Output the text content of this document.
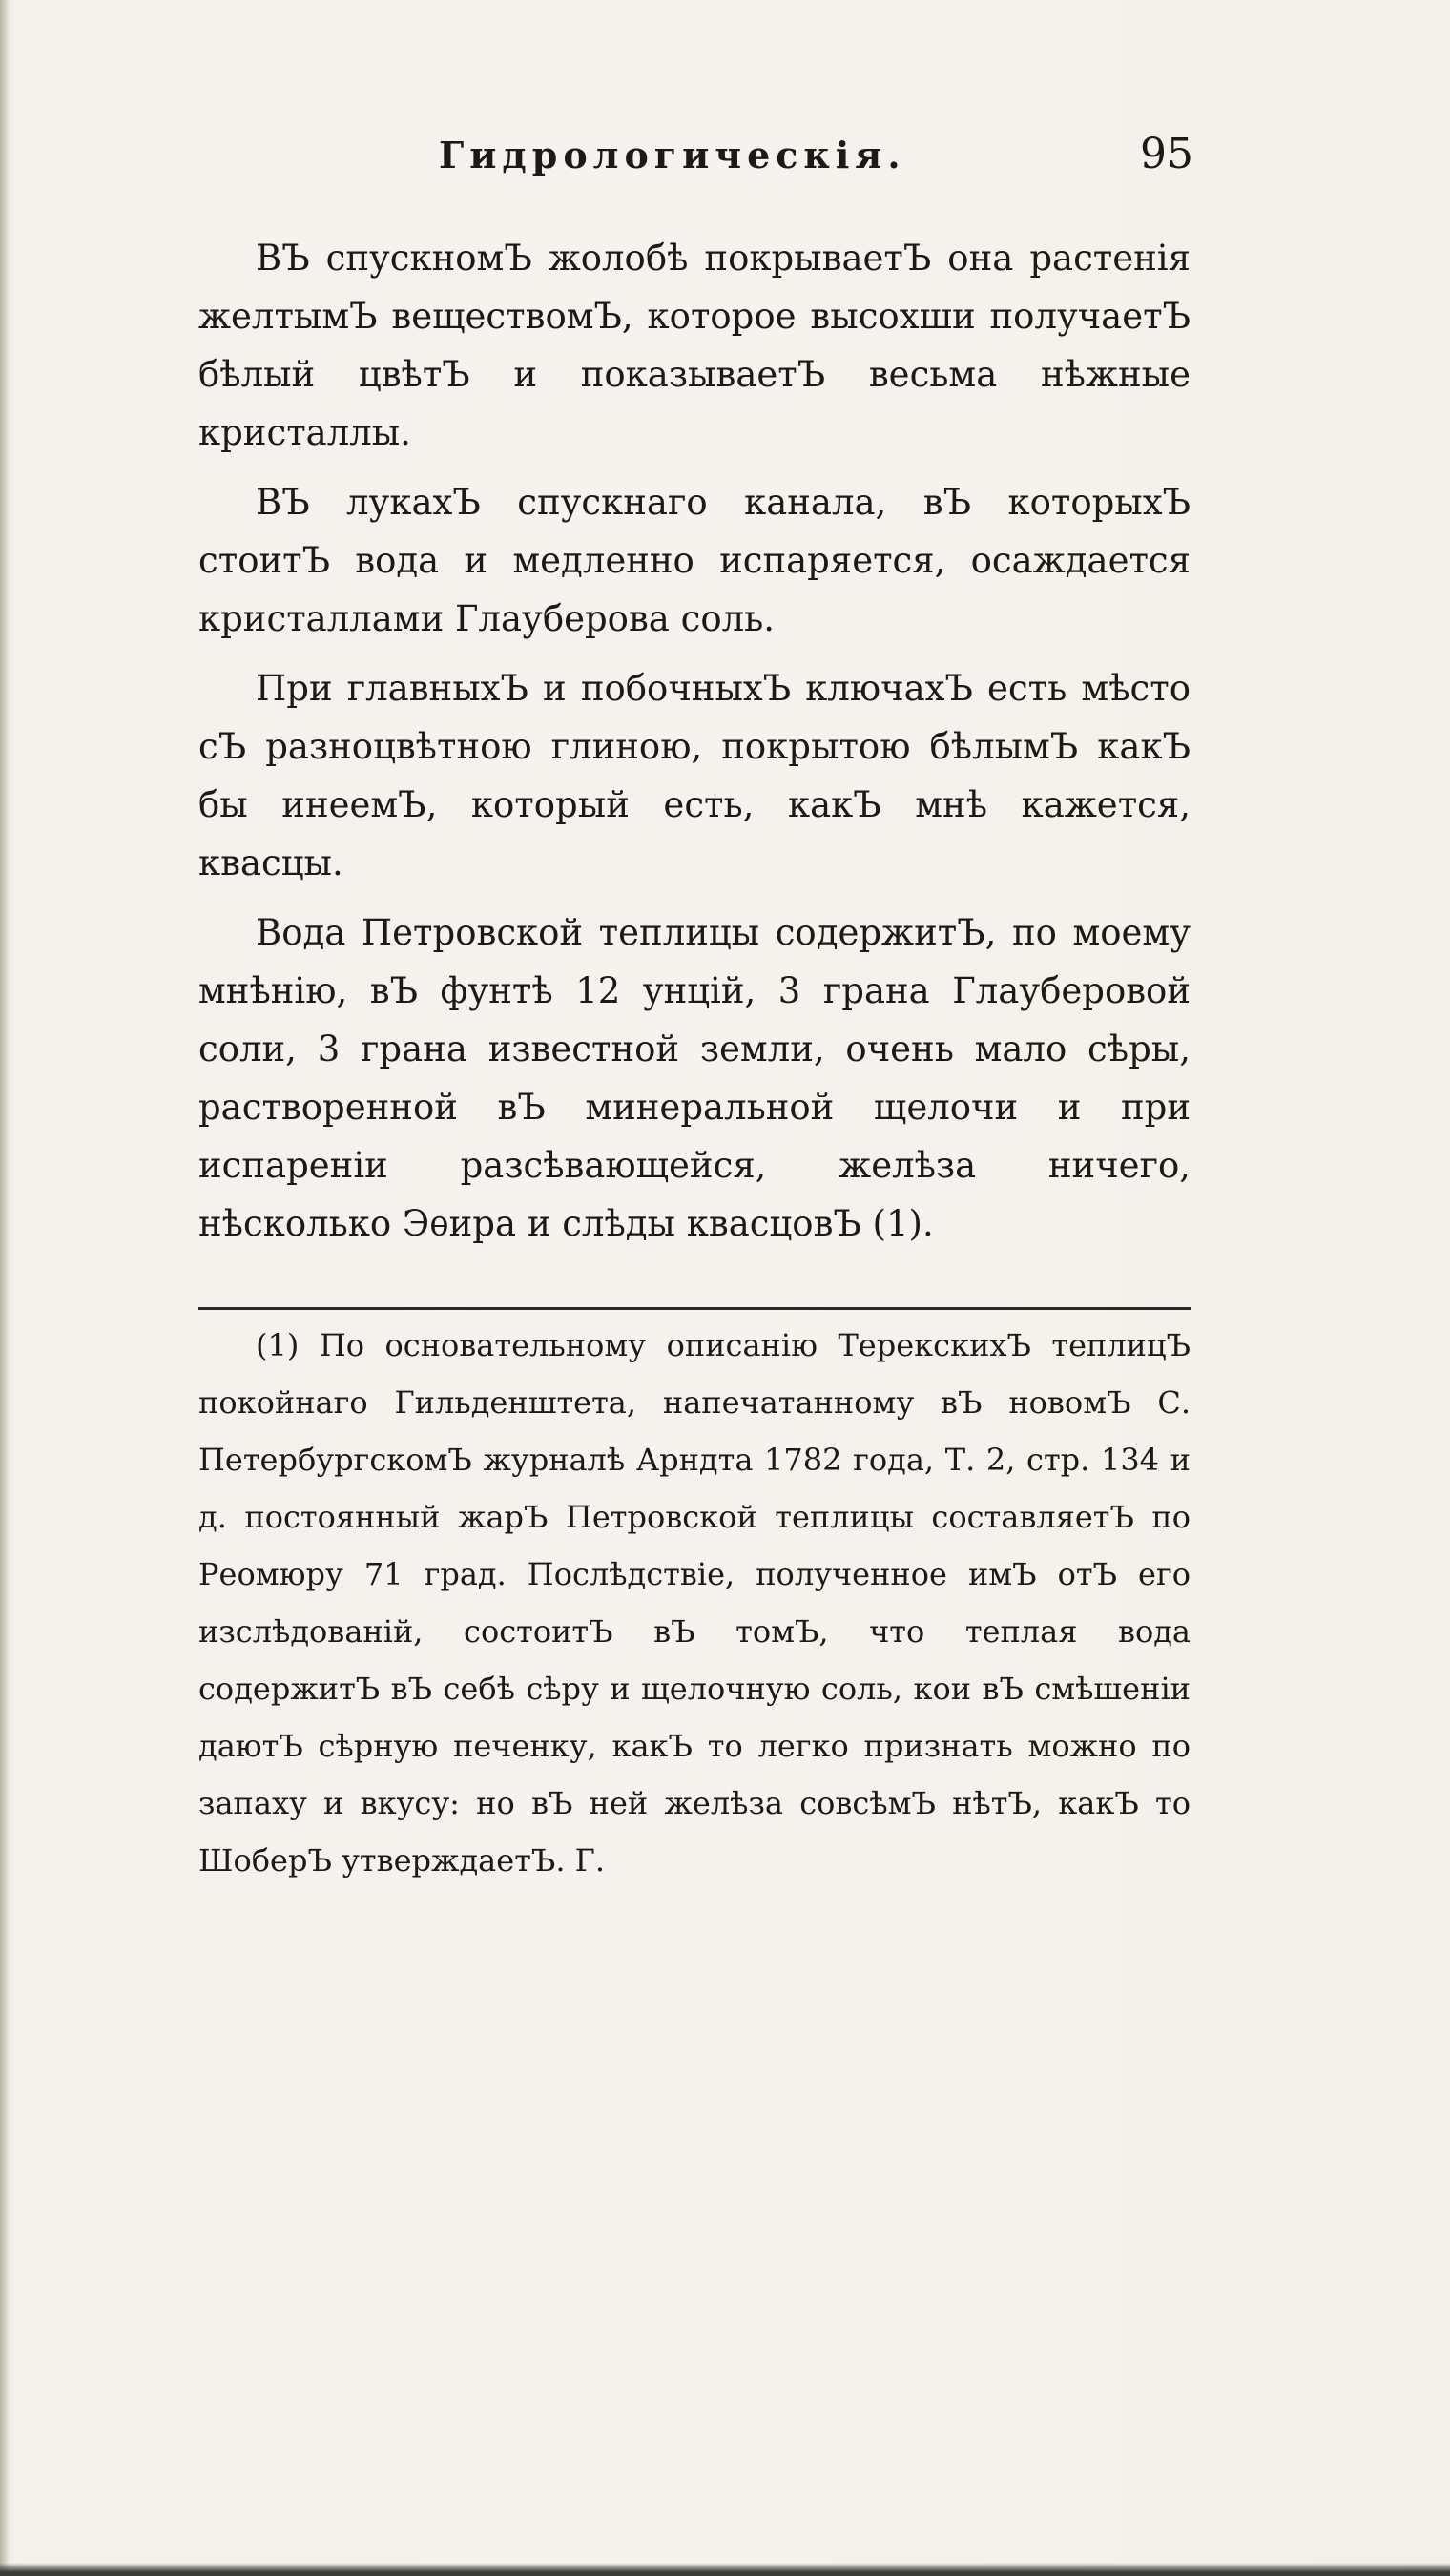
Гидрологическiя.	95

ВЪ спускномЪ жолобѣ покрываетЪ она растенiя желтымЪ веществомЪ, которое высохши получаетЪ бѣлый цвѣтЪ и показываетЪ весьма нѣжные кристаллы.

ВЪ лукахЪ спускнаго канала, вЪ которыхЪ стоитЪ вода и медленно испаряется, осаждается кристаллами Глауберова соль.

При главныхЪ и побочныхЪ ключахЪ есть мѣсто сЪ разноцвѣтною глиною, покрытою бѣлымЪ какЪ бы инеемЪ, который есть, какЪ мнѣ кажется, квасцы.

Вода Петровской теплицы содержитЪ, по моему мнѣнiю, вЪ фунтѣ 12 унцiй, 3 грана Глауберовой соли, 3 грана известной земли, очень мало сѣры, растворенной вЪ минеральной щелочи и при испаренiи разсѣвающейся, желѣза ничего, нѣсколько Эѳира и слѣды квасцовЪ (1).

(1) По основательному описанiю ТерекскихЪ теплицЪ покойнаго Гильденштета, напечатанному вЪ новомЪ С. ПетербургскомЪ журналѣ Арндта 1782 года, Т. 2, стр. 134 и д. постоянный жарЪ Петровской теплицы составляетЪ по Реомюру 71 град. Послѣдствiе, полученное имЪ отЪ его изслѣдованiй, состоитЪ вЪ томЪ, что теплая вода содержитЪ вЪ себѣ сѣру и щелочную соль, кои вЪ смѣшенiи даютЪ сѣрную печенку, какЪ то легко признать можно по запаху и вкусу: но вЪ ней желѣза совсѣмЪ нѣтЪ, какЪ то ШоберЪ утверждаетЪ. Г.
